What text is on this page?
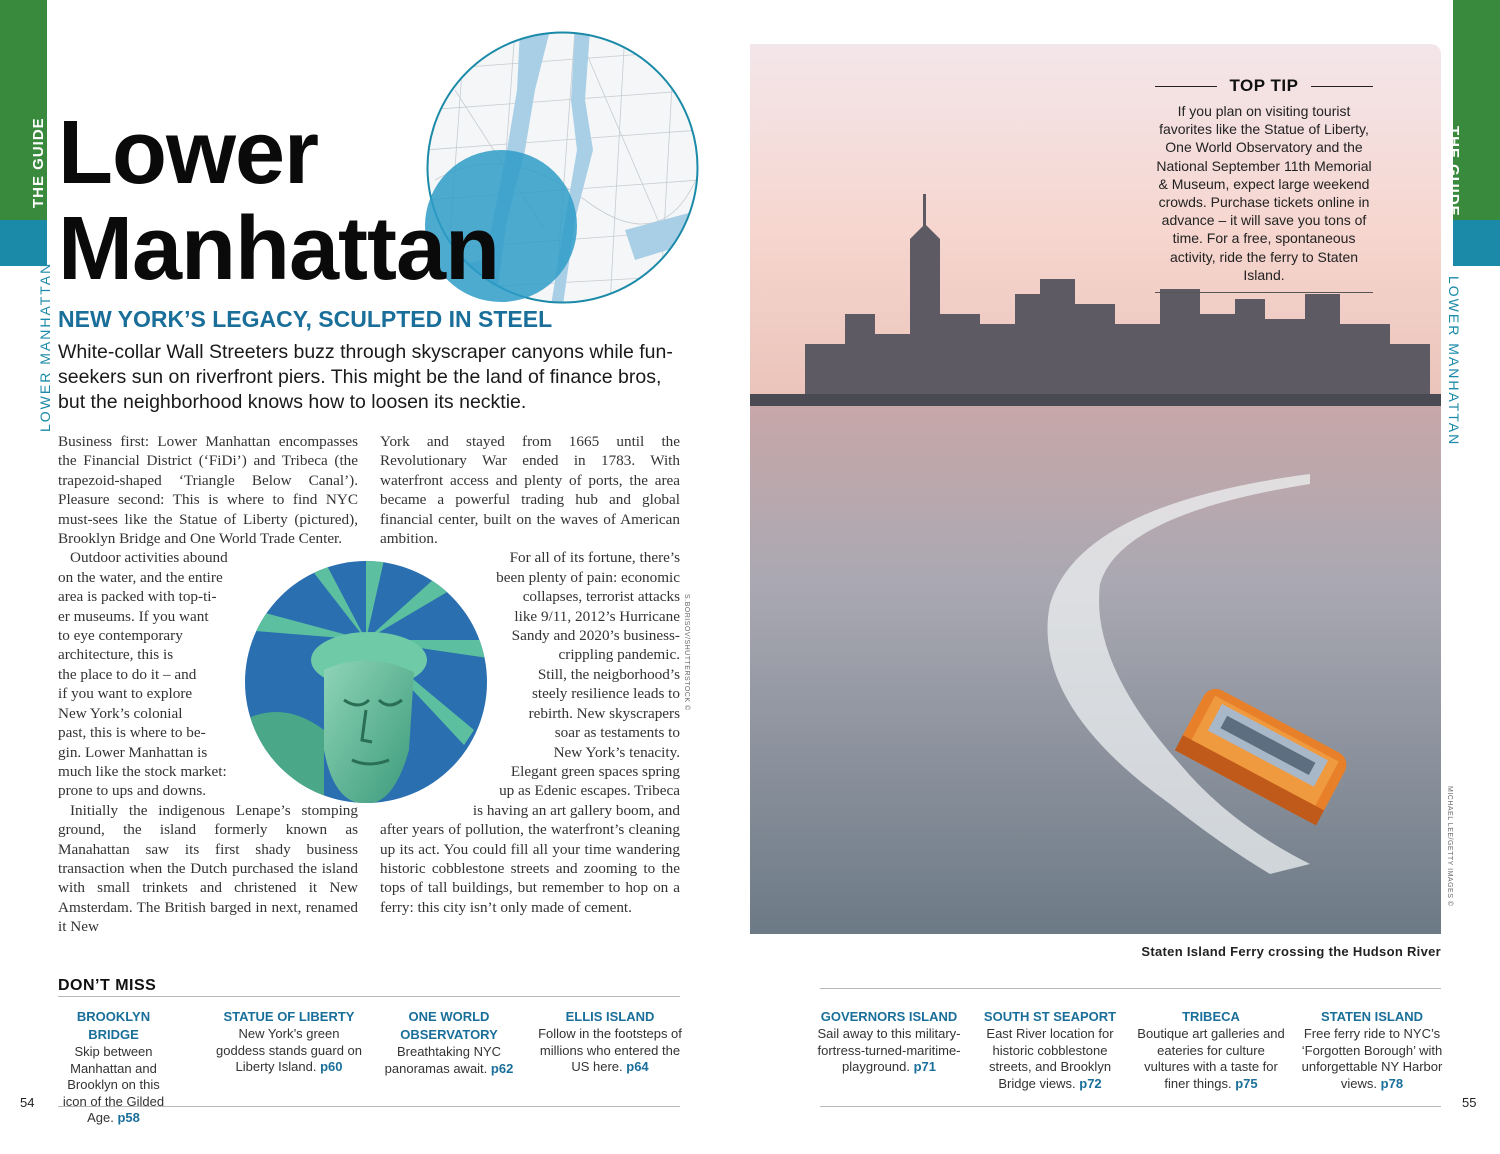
THE GUIDE
LOWER MANHATTAN
THE GUIDE
LOWER MANHATTAN
Lower
Manhattan
NEW YORK’S LEGACY, SCULPTED IN STEEL
White-collar Wall Streeters buzz through skyscraper canyons while fun-seekers sun on riverfront piers. This might be the land of finance bros, but the neighborhood knows how to loosen its necktie.

Business first: Lower Manhattan encompasses the Financial District (‘FiDi’) and Tribeca (the trapezoid-shaped ‘Triangle Below Canal’). Pleasure second: This is where to find NYC must-sees like the Statue of Liberty (pictured), Brooklyn Bridge and One World Trade Center.

Outdoor activities abound
on the water, and the entire
area is packed with top-ti-
er museums. If you want
to eye contemporary
architecture, this is
the place to do it – and
if you want to explore
New York’s colonial
past, this is where to be-
gin. Lower Manhattan is
much like the stock market:
prone to ups and downs.

Initially the indigenous Lenape’s stomping ground, the island formerly known as Manahattan saw its first shady business transaction when the Dutch purchased the island with small trinkets and christened it New Amsterdam. The British barged in next, renamed it New

York and stayed from 1665 until the Revolutionary War ended in 1783. With waterfront access and plenty of ports, the area became a powerful trading hub and global financial center, built on the waves of American ambition.

For all of its fortune, there’s
been plenty of pain: economic
collapses, terrorist attacks
like 9/11, 2012’s Hurricane
Sandy and 2020’s business-
crippling pandemic.
Still, the neigborhood’s
steely resilience leads to
rebirth. New skyscrapers
soar as testaments to
New York’s tenacity.
Elegant green spaces spring
up as Edenic escapes. Tribeca
is having an art gallery boom, and

after years of pollution, the waterfront’s cleaning up its act. You could fill all your time wandering historic cobblestone streets and zooming to the tops of tall buildings, but remember to hop on a ferry: this city isn’t only made of cement.

S.BORISOV/SHUTTERSTOCK ©
TOP TIP
If you plan on visiting tourist favorites like the Statue of Liberty, One World Observatory and the National September 11th Memorial & Museum, expect large weekend crowds. Purchase tickets online in advance – it will save you tons of time. For a free, spontaneous activity, ride the ferry to Staten Island.
MICHAEL LEE/GETTY IMAGES ©
Staten Island Ferry crossing the Hudson River
DON’T MISS
BROOKLYN BRIDGE
Skip between Manhattan and Brooklyn on this icon of the Gilded Age. p58
STATUE OF LIBERTY
New York’s green goddess stands guard on Liberty Island. p60
ONE WORLD OBSERVATORY
Breathtaking NYC panoramas await. p62
ELLIS ISLAND
Follow in the footsteps of millions who entered the US here. p64
GOVERNORS ISLAND
Sail away to this military-fortress-turned-maritime-playground. p71
SOUTH ST SEAPORT
East River location for historic cobblestone streets, and Brooklyn Bridge views. p72
TRIBECA
Boutique art galleries and eateries for culture vultures with a taste for finer things. p75
STATEN ISLAND
Free ferry ride to NYC’s ‘Forgotten Borough’ with unforgettable NY Harbor views. p78
54	55
